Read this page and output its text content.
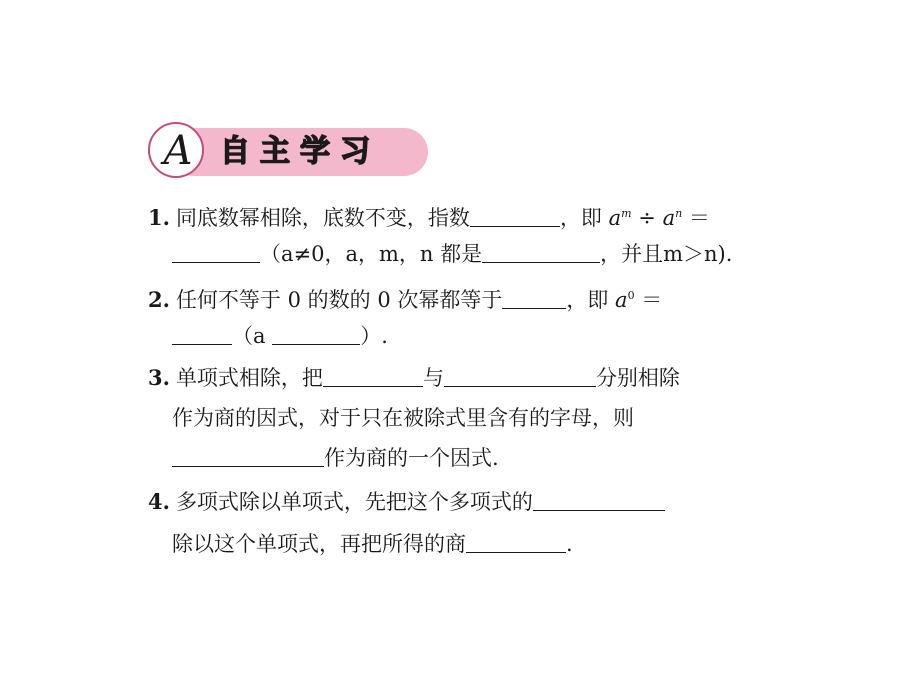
A 自主学习
1. 同底数幂相除，底数不变，指数	，即 $a^m \div a^n$ ＝
（a≠0，a，m，n 都是	，并且m＞n).
2. 任何不等于 0 的数的 0 次幂都等于	，即 $a^0$ ＝
（a	）.
3. 单项式相除，把	与	分别相除
作为商的因式，对于只在被除式里含有的字母，则
作为商的一个因式.
4. 多项式除以单项式，先把这个多项式的
除以这个单项式，再把所得的商	.
